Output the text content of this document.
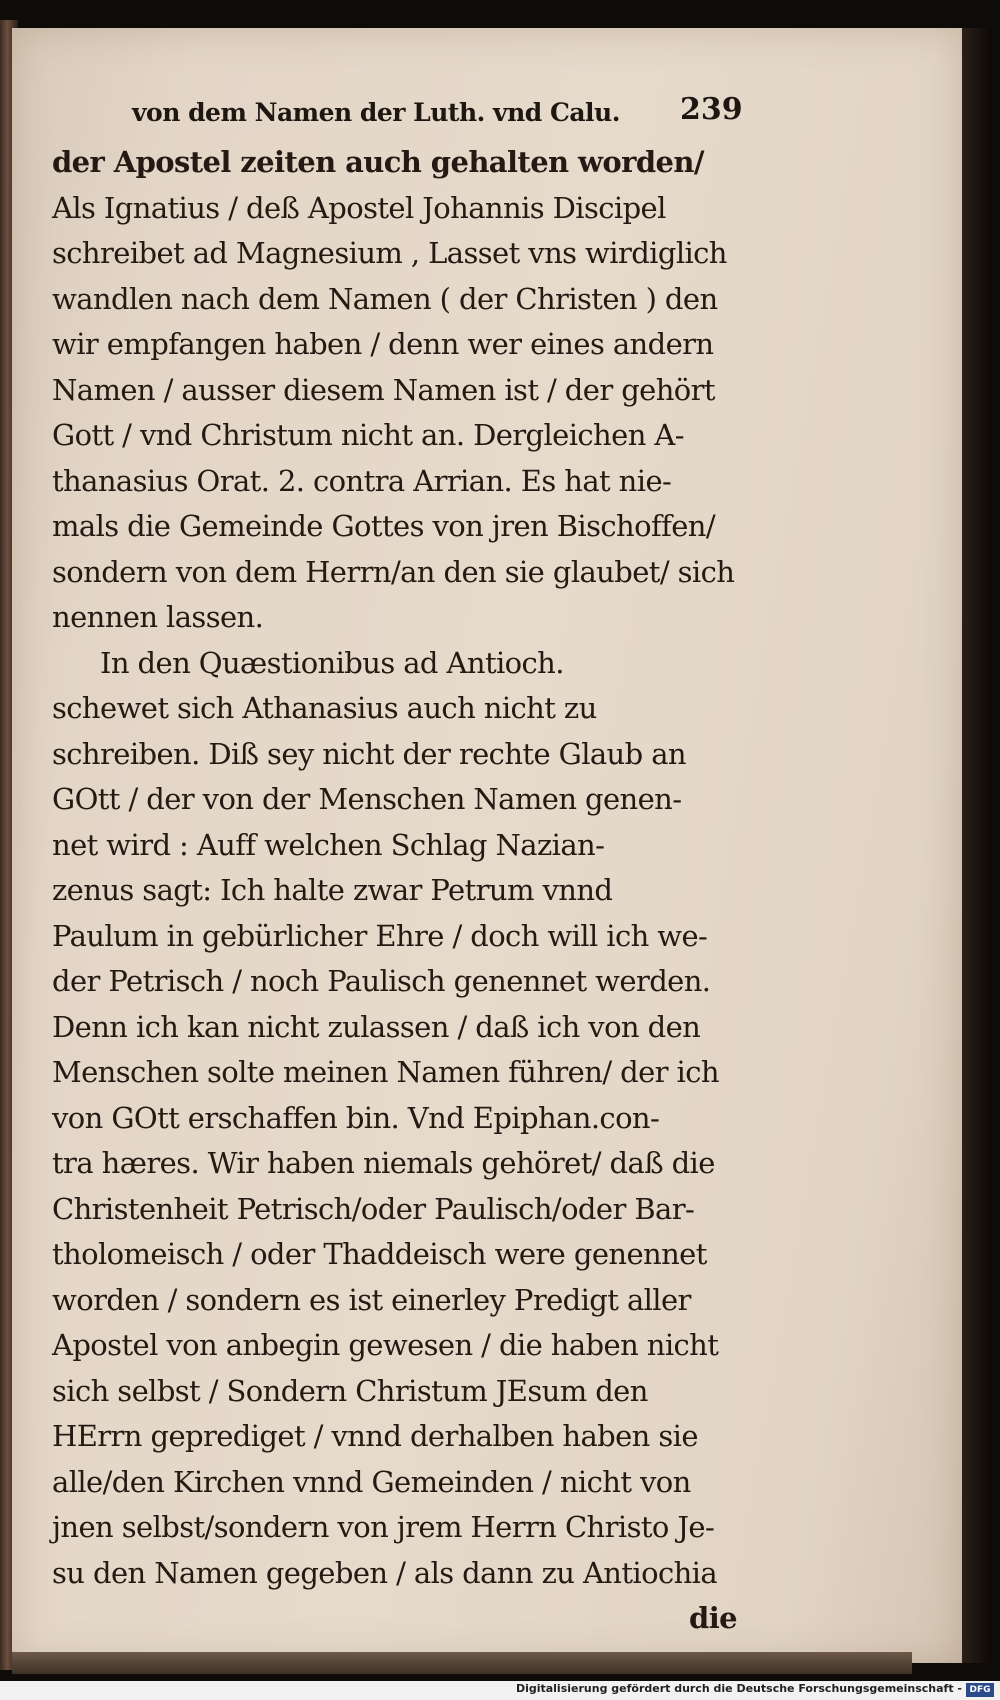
von dem Namen der Luth. vnd Calu.	239
der Apostel zeiten auch gehalten worden/
Als Ignatius / deß Apostel Johannis Discipel
schreibet ad Magnesium , Lasset vns wirdiglich
wandlen nach dem Namen ( der Christen ) den
wir empfangen haben / denn wer eines andern
Namen / ausser diesem Namen ist / der gehört
Gott / vnd Christum nicht an. Dergleichen A-
thanasius Orat. 2. contra Arrian. Es hat nie-
mals die Gemeinde Gottes von jren Bischoffen/
sondern von dem Herrn/an den sie glaubet/ sich
nennen lassen.
In den Quæstionibus ad Antioch.
schewet sich Athanasius auch nicht zu
schreiben. Diß sey nicht der rechte Glaub an
GOtt / der von der Menschen Namen genen-
net wird : Auff welchen Schlag Nazian-
zenus sagt: Ich halte zwar Petrum vnnd
Paulum in gebürlicher Ehre / doch will ich we-
der Petrisch / noch Paulisch genennet werden.
Denn ich kan nicht zulassen / daß ich von den
Menschen solte meinen Namen führen/ der ich
von GOtt erschaffen bin. Vnd Epiphan.con-
tra hæres. Wir haben niemals gehöret/ daß die
Christenheit Petrisch/oder Paulisch/oder Bar-
tholomeisch / oder Thaddeisch were genennet
worden / sondern es ist einerley Predigt aller
Apostel von anbegin gewesen / die haben nicht
sich selbst / Sondern Christum JEsum den
HErrn geprediget / vnnd derhalben haben sie
alle/den Kirchen vnnd Gemeinden / nicht von
jnen selbst/sondern von jrem Herrn Christo Je-
su den Namen gegeben / als dann zu Antiochia
die
Digitalisierung gefördert durch die Deutsche Forschungsgemeinschaft - DFG
